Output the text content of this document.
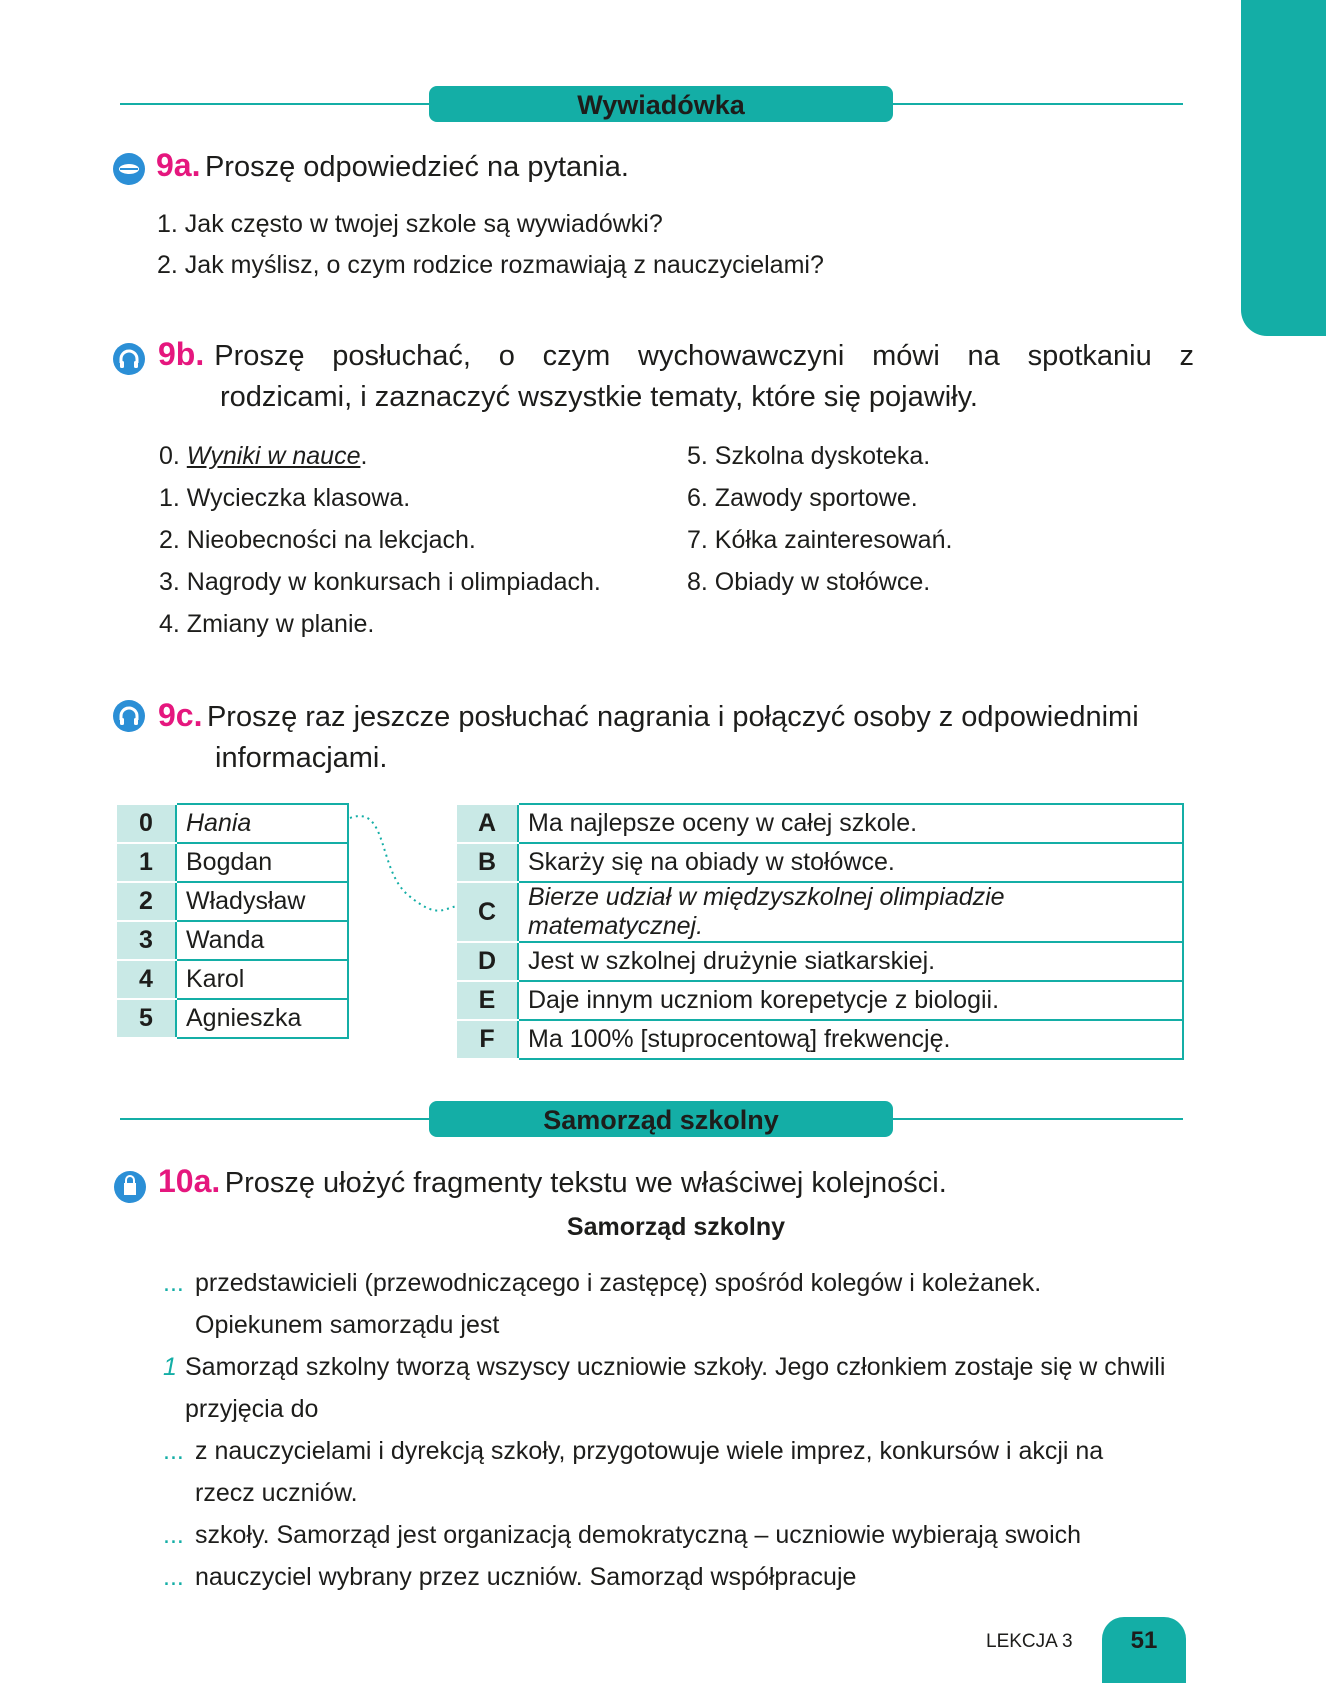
Wywiadówka
9a. Proszę odpowiedzieć na pytania.
1. Jak często w twojej szkole są wywiadówki?
2. Jak myślisz, o czym rodzice rozmawiają z nauczycielami?
9b. Proszę posłuchać, o czym wychowawczyni mówi na spotkaniu z
rodzicami, i zaznaczyć wszystkie tematy, które się pojawiły.
0. Wyniki w nauce.
1. Wycieczka klasowa.
2. Nieobecności na lekcjach.
3. Nagrody w konkursach i olimpiadach.
4. Zmiany w planie.
5. Szkolna dyskoteka.
6. Zawody sportowe.
7. Kółka zainteresowań.
8. Obiady w stołówce.
9c. Proszę raz jeszcze posłuchać nagrania i połączyć osoby z odpowiednimi
informacjami.
0	Hania
1	Bogdan
2	Władysław
3	Wanda
4	Karol
5	Agnieszka
A	Ma najlepsze oceny w całej szkole.
B	Skarży się na obiady w stołówce.
C	Bierze udział w międzyszkolnej olimpiadzie matematycznej.
D	Jest w szkolnej drużynie siatkarskiej.
E	Daje innym uczniom korepetycje z biologii.
F	Ma 100% [stuprocentową] frekwencję.
Samorząd szkolny
10a. Proszę ułożyć fragmenty tekstu we właściwej kolejności.
Samorząd szkolny
... przedstawicieli (przewodniczącego i zastępcę) spośród kolegów i koleżanek.
Opiekunem samorządu jest
1 Samorząd szkolny tworzą wszyscy uczniowie szkoły. Jego członkiem zostaje się w chwili
przyjęcia do
... z nauczycielami i dyrekcją szkoły, przygotowuje wiele imprez, konkursów i akcji na
rzecz uczniów.
... szkoły. Samorząd jest organizacją demokratyczną – uczniowie wybierają swoich
... nauczyciel wybrany przez uczniów. Samorząd współpracuje
LEKCJA 3	51
